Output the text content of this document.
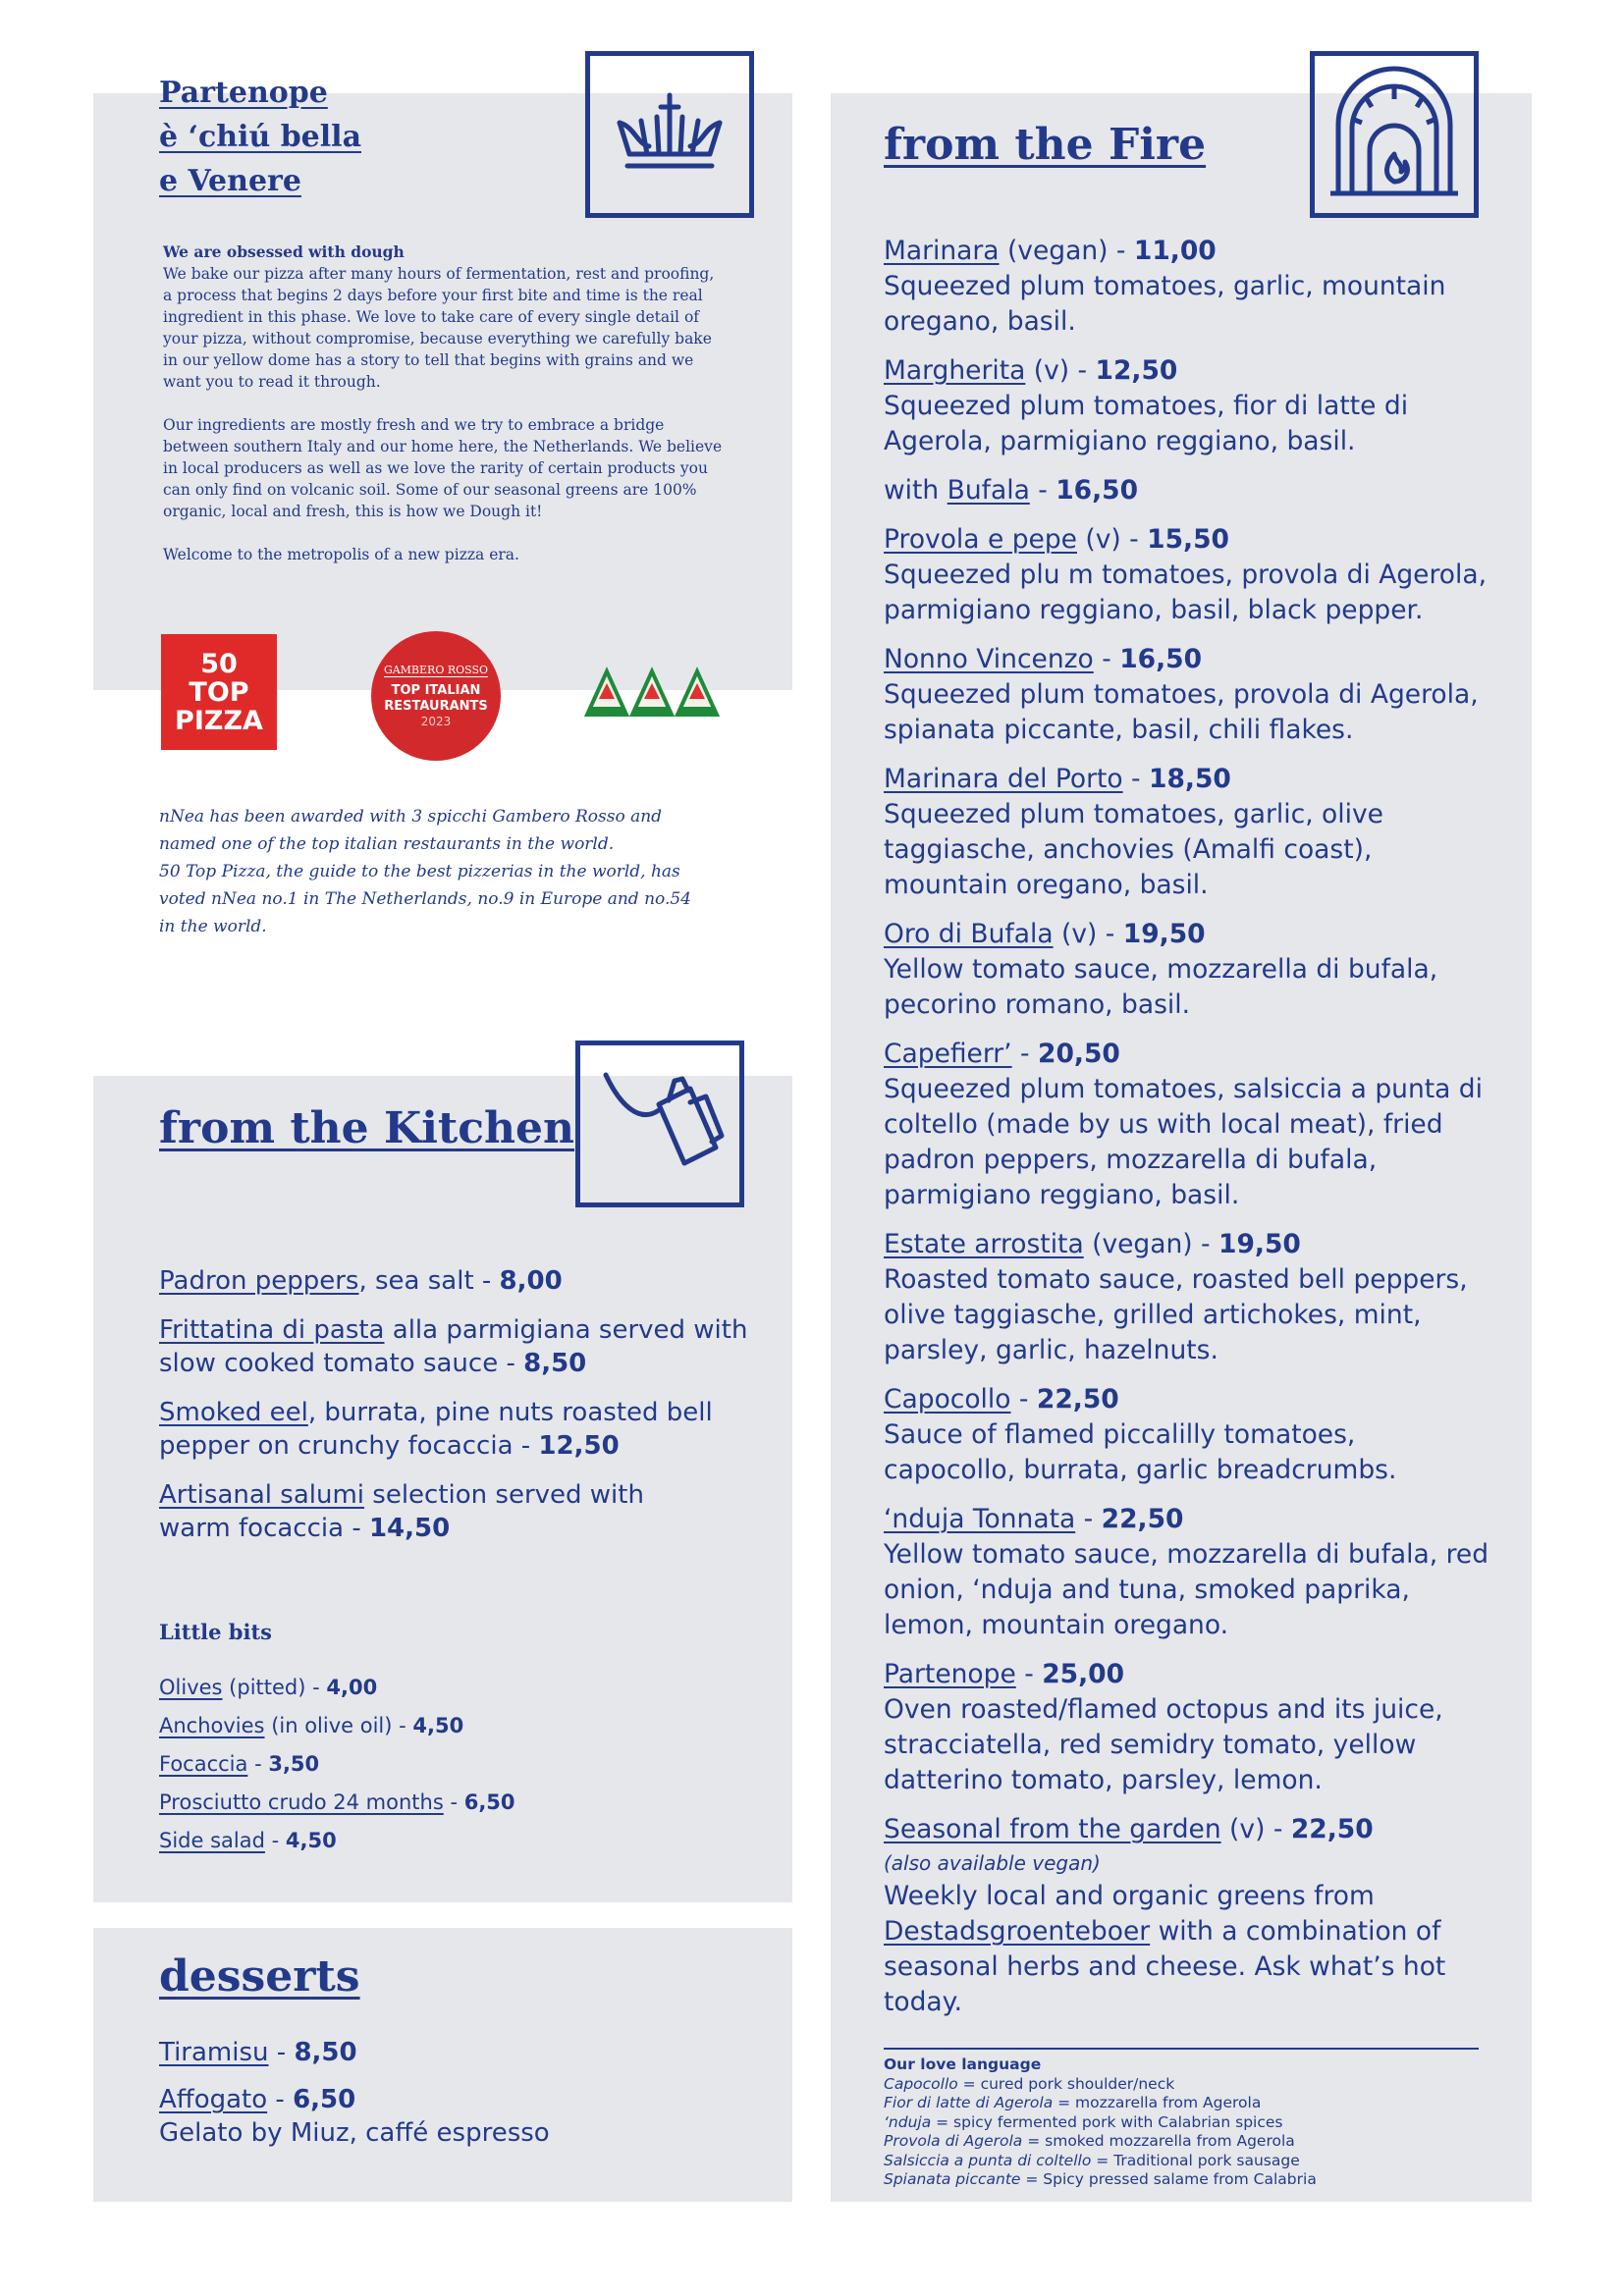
Partenope
è ‘chiú bella
e Venere

We are obsessed with dough

We bake our pizza after many hours of fermentation, rest and proofing, a process that begins 2 days before your first bite and time is the real ingredient in this phase. We love to take care of every single detail of your pizza, without compromise, because everything we carefully bake in our yellow dome has a story to tell that begins with grains and we want you to read it through.

Our ingredients are mostly fresh and we try to embrace a bridge between southern Italy and our home here, the Netherlands. We believe in local producers as well as we love the rarity of certain products you can only find on volcanic soil. Some of our seasonal greens are 100% organic, local and fresh, this is how we Dough it!

Welcome to the metropolis of a new pizza era.

50
TOP
PIZZA
GAMBERO ROSSO
TOP ITALIAN
RESTAURANTS
2023
nNea has been awarded with 3 spicchi Gambero Rosso and
named one of the top italian restaurants in the world.
50 Top Pizza, the guide to the best pizzerias in the world, has
voted nNea no.1 in The Netherlands, no.9 in Europe and no.54
in the world.
from the Kitchen
Padron peppers, sea salt - 8,00
Frittatina di pasta alla parmigiana served with slow cooked tomato sauce - 8,50
Smoked eel, burrata, pine nuts roasted bell pepper on crunchy focaccia - 12,50
Artisanal salumi selection served with warm focaccia - 14,50
Little bits
Olives (pitted) - 4,00
Anchovies (in olive oil) - 4,50
Focaccia - 3,50
Prosciutto crudo 24 months - 6,50
Side salad - 4,50
desserts
Tiramisu - 8,50
Affogato - 6,50
Gelato by Miuz, caffé espresso
from the Fire
Marinara (vegan) - 11,00
Squeezed plum tomatoes, garlic, mountain oregano, basil.
Margherita (v) - 12,50
Squeezed plum tomatoes, fior di latte di Agerola, parmigiano reggiano, basil.
with Bufala - 16,50
Provola e pepe (v) - 15,50
Squeezed plu m tomatoes, provola di Agerola, parmigiano reggiano, basil, black pepper.
Nonno Vincenzo - 16,50
Squeezed plum tomatoes, provola di Agerola, spianata piccante, basil, chili flakes.
Marinara del Porto - 18,50
Squeezed plum tomatoes, garlic, olive taggiasche, anchovies (Amalfi coast), mountain oregano, basil.
Oro di Bufala (v) - 19,50
Yellow tomato sauce, mozzarella di bufala, pecorino romano, basil.
Capefierr’ - 20,50
Squeezed plum tomatoes, salsiccia a punta di coltello (made by us with local meat), fried padron peppers, mozzarella di bufala, parmigiano reggiano, basil.
Estate arrostita (vegan) - 19,50
Roasted tomato sauce, roasted bell peppers, olive taggiasche, grilled artichokes, mint, parsley, garlic, hazelnuts.
Capocollo - 22,50
Sauce of flamed piccalilly tomatoes, capocollo, burrata, garlic breadcrumbs.
‘nduja Tonnata - 22,50
Yellow tomato sauce, mozzarella di bufala, red onion, ‘nduja and tuna, smoked paprika, lemon, mountain oregano.
Partenope - 25,00
Oven roasted/flamed octopus and its juice, stracciatella, red semidry tomato, yellow datterino tomato, parsley, lemon.
Seasonal from the garden (v) - 22,50
(also available vegan)
Weekly local and organic greens from Destadsgroenteboer with a combination of seasonal herbs and cheese. Ask what’s hot today.
Our love language
Capocollo = cured pork shoulder/neck
Fior di latte di Agerola = mozzarella from Agerola
‘nduja = spicy fermented pork with Calabrian spices
Provola di Agerola = smoked mozzarella from Agerola
Salsiccia a punta di coltello = Traditional pork sausage
Spianata piccante = Spicy pressed salame from Calabria
